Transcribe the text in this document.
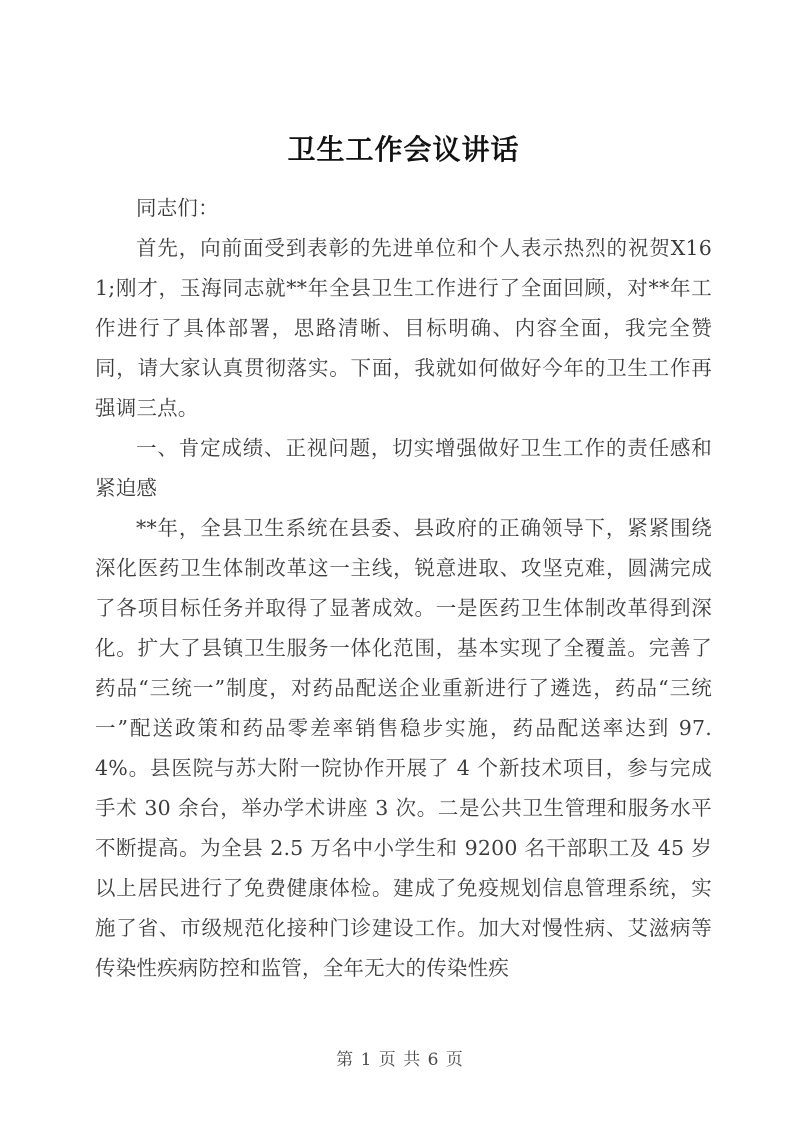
卫生工作会议讲话

同志们：

首先，向前面受到表彰的先进单位和个人表示热烈的祝贺X161;刚才，玉海同志就**年全县卫生工作进行了全面回顾，对**年工作进行了具体部署，思路清晰、目标明确、内容全面，我完全赞同，请大家认真贯彻落实。下面，我就如何做好今年的卫生工作再强调三点。

一、肯定成绩、正视问题，切实增强做好卫生工作的责任感和紧迫感

**年，全县卫生系统在县委、县政府的正确领导下，紧紧围绕深化医药卫生体制改革这一主线，锐意进取、攻坚克难，圆满完成了各项目标任务并取得了显著成效。一是医药卫生体制改革得到深化。扩大了县镇卫生服务一体化范围，基本实现了全覆盖。完善了药品“三统一”制度，对药品配送企业重新进行了遴选，药品“三统一”配送政策和药品零差率销售稳步实施，药品配送率达到 97.4%。县医院与苏大附一院协作开展了 4 个新技术项目，参与完成手术 30 余台，举办学术讲座 3 次。二是公共卫生管理和服务水平不断提高。为全县 2.5 万名中小学生和 9200 名干部职工及 45 岁以上居民进行了免费健康体检。建成了免疫规划信息管理系统，实施了省、市级规范化接种门诊建设工作。加大对慢性病、艾滋病等传染性疾病防控和监管，全年无大的传染性疾

第 1 页 共 6 页
